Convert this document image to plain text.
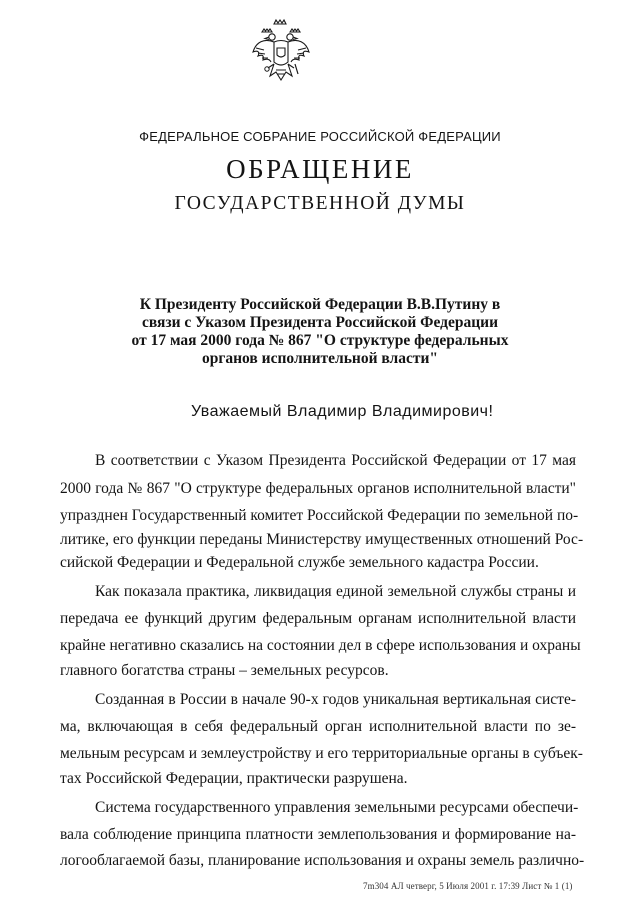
ФЕДЕРАЛЬНОЕ СОБРАНИЕ РОССИЙСКОЙ ФЕДЕРАЦИИ
ОБРАЩЕНИЕ
ГОСУДАРСТВЕННОЙ ДУМЫ
К Президенту Российской Федерации В.В.Путину в
связи с Указом Президента Российской Федерации
от 17 мая 2000 года № 867 "О структуре федеральных
органов исполнительной власти"
Уважаемый Владимир Владимирович!
В соответствии с Указом Президента Российской Федерации от 17 мая
2000 года № 867 "О структуре федеральных органов исполнительной власти"
упразднен Государственный комитет Российской Федерации по земельной по-
литике, его функции переданы Министерству имущественных отношений Рос-
сийской Федерации и Федеральной службе земельного кадастра России.
Как показала практика, ликвидация единой земельной службы страны и
передача ее функций другим федеральным органам исполнительной власти
крайне негативно сказались на состоянии дел в сфере использования и охраны
главного богатства страны – земельных ресурсов.
Созданная в России в начале 90-х годов уникальная вертикальная систе-
ма, включающая в себя федеральный орган исполнительной власти по зе-
мельным ресурсам и землеустройству и его территориальные органы в субъек-
тах Российской Федерации, практически разрушена.
Система государственного управления земельными ресурсами обеспечи-
вала соблюдение принципа платности землепользования и формирование на-
логооблагаемой базы, планирование использования и охраны земель различно-
7m304 АЛ четверг, 5 Июля 2001 г. 17:39 Лист № 1 (1)
